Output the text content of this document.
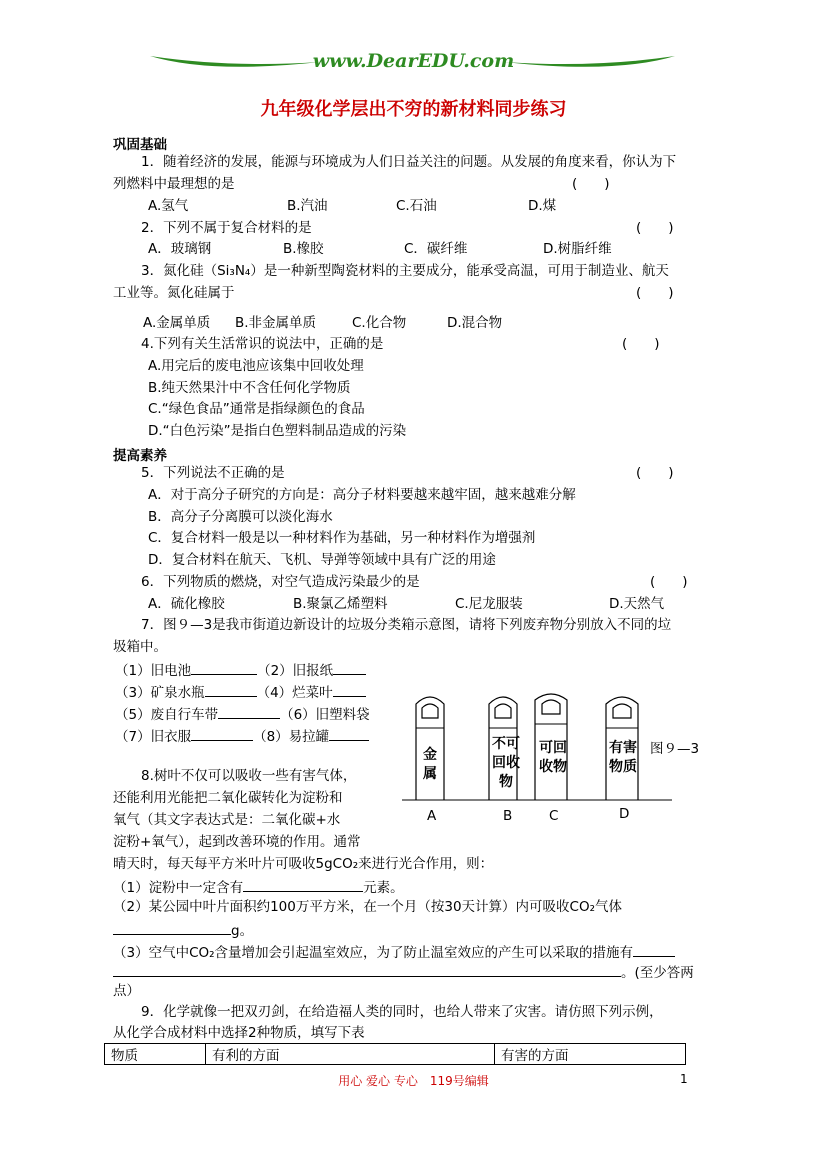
www.DearEDU.com
九年级化学层出不穷的新材料同步练习
巩固基础
1．随着经济的发展，能源与环境成为人们日益关注的问题。从发展的角度来看，你认为下
列燃料中最理想的是	(　　)
A.氢气	B.汽油	C.石油	D.煤
2．下列不属于复合材料的是	(　　)
A．玻璃钢	B.橡胶	C．碳纤维	D.树脂纤维
3．氮化硅（Si₃N₄）是一种新型陶瓷材料的主要成分，能承受高温，可用于制造业、航天
工业等。氮化硅属于	(　　)
A.金属单质 B.非金属单质	C.化合物	D.混合物
4.下列有关生活常识的说法中，正确的是	(　　)
A.用完后的废电池应该集中回收处理
B.纯天然果汁中不含任何化学物质
C.“绿色食品”通常是指绿颜色的食品
D.“白色污染”是指白色塑料制品造成的污染
提高素养
5．下列说法不正确的是	(　　)
A．对于高分子研究的方向是：高分子材料要越来越牢固，越来越难分解
B．高分子分离膜可以淡化海水
C．复合材料一般是以一种材料作为基础，另一种材料作为增强剂
D．复合材料在航天、飞机、导弹等领域中具有广泛的用途
6．下列物质的燃烧，对空气造成污染最少的是	(　　)
A．硫化橡胶	B.聚氯乙烯塑料	C.尼龙服装	D.天然气
7．图９—3是我市街道边新设计的垃圾分类箱示意图，请将下列废弃物分别放入不同的垃
圾箱中。
（1）旧电池	（2）旧报纸
（3）矿泉水瓶	（4）烂菜叶
（5）废自行车带	（6）旧塑料袋
（7）旧衣服	（8）易拉罐
金属
不可回收物
可回收物
有害物质
图９—3
A	B	C	D
8.树叶不仅可以吸收一些有害气体，
还能利用光能把二氧化碳转化为淀粉和
氧气（其文字表达式是：二氧化碳+水
淀粉+氧气），起到改善环境的作用。通常
晴天时，每天每平方米叶片可吸收5gCO₂来进行光合作用，则：
（1）淀粉中一定含有	元素。
（2）某公园中叶片面积约100万平方米，在一个月（按30天计算）内可吸收CO₂气体
g。
（3）空气中CO₂含量增加会引起温室效应，为了防止温室效应的产生可以采取的措施有
。(至少答两
点）
9．化学就像一把双刃剑，在给造福人类的同时，也给人带来了灾害。请仿照下列示例，
从化学合成材料中选择2种物质，填写下表
物质	有利的方面	有害的方面
用心 爱心 专心　119号编辑	1
